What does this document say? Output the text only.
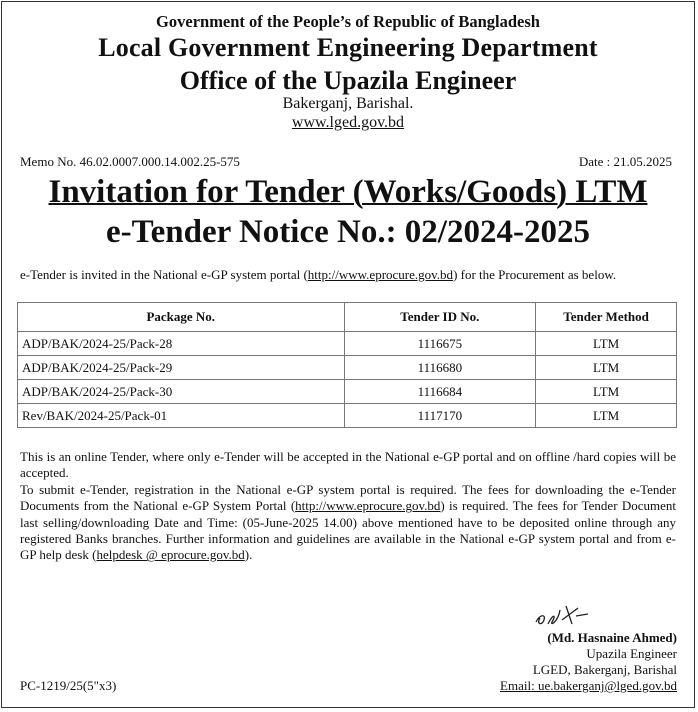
Government of the People’s of Republic of Bangladesh
Local Government Engineering Department
Office of the Upazila Engineer
Bakerganj, Barishal.
www.lged.gov.bd
Memo No. 46.02.0007.000.14.002.25-575	Date : 21.05.2025
Invitation for Tender (Works/Goods) LTM
e-Tender Notice No.: 02/2024-2025
e-Tender is invited in the National e-GP system portal (http://www.eprocure.gov.bd) for the Procurement as below.
Package No.	Tender ID No.	Tender Method
ADP/BAK/2024-25/Pack-28	1116675	LTM
ADP/BAK/2024-25/Pack-29	1116680	LTM
ADP/BAK/2024-25/Pack-30	1116684	LTM
Rev/BAK/2024-25/Pack-01	1117170	LTM
This is an online Tender, where only e-Tender will be accepted in the National e-GP portal and on offline /hard copies will be accepted.
To submit e-Tender, registration in the National e-GP system portal is required. The fees for downloading the e-Tender Documents from the National e-GP System Portal (http://www.eprocure.gov.bd) is required. The fees for Tender Document last selling/downloading Date and Time: (05-June-2025 14.00) above mentioned have to be deposited online through any registered Banks branches. Further information and guidelines are available in the National e-GP system portal and from e-GP help desk (helpdesk @ eprocure.gov.bd).
(Md. Hasnaine Ahmed)
Upazila Engineer
LGED, Bakerganj, Barishal
Email: ue.bakerganj@lged.gov.bd
PC-1219/25(5"x3)
